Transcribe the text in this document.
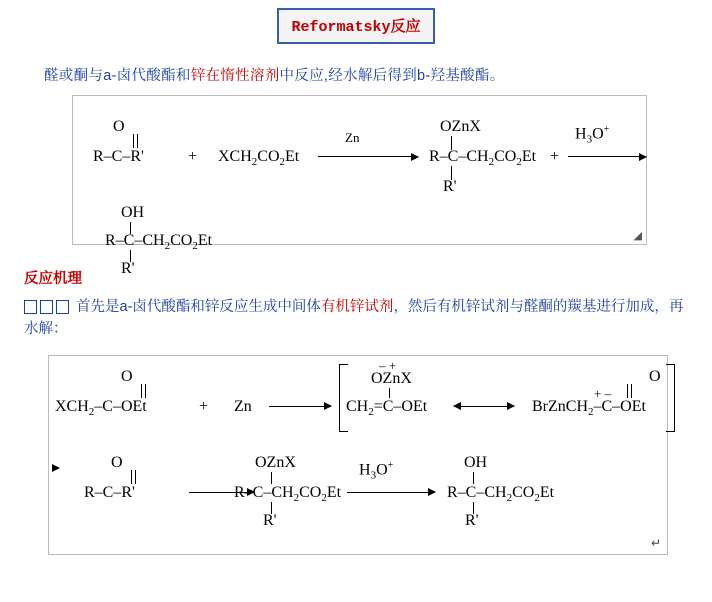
Reformatsky反应
醛或酮与a-卤代酸酯和锌在惰性溶剂中反应,经水解后得到b-羟基酸酯。
O
R–C–R'	+ $XCH_2CO_2Et$
Zn
OZnX
$R-C-CH_2CO_2Et$
R'
+
$H_3O^+$
OH
$R-C-CH_2CO_2Et$
R'
◢
反应机理
首先是a-卤代酸酯和锌反应生成中间体有机锌试剂，然后有机锌试剂与醛酮的羰基进行加成，再水解：
O
$XCH_2-C$–OEt	+ Zn
– +
OZnX
$CH_2=C$–OEt
+ –
O
BrZnCH$_2$–C–OEt
O
R–C–R'
OZnX
$R-C-CH_2CO_2Et$
R'
$H_3O^+$	OH
$R-C-CH_2CO_2Et$
R'
↵
